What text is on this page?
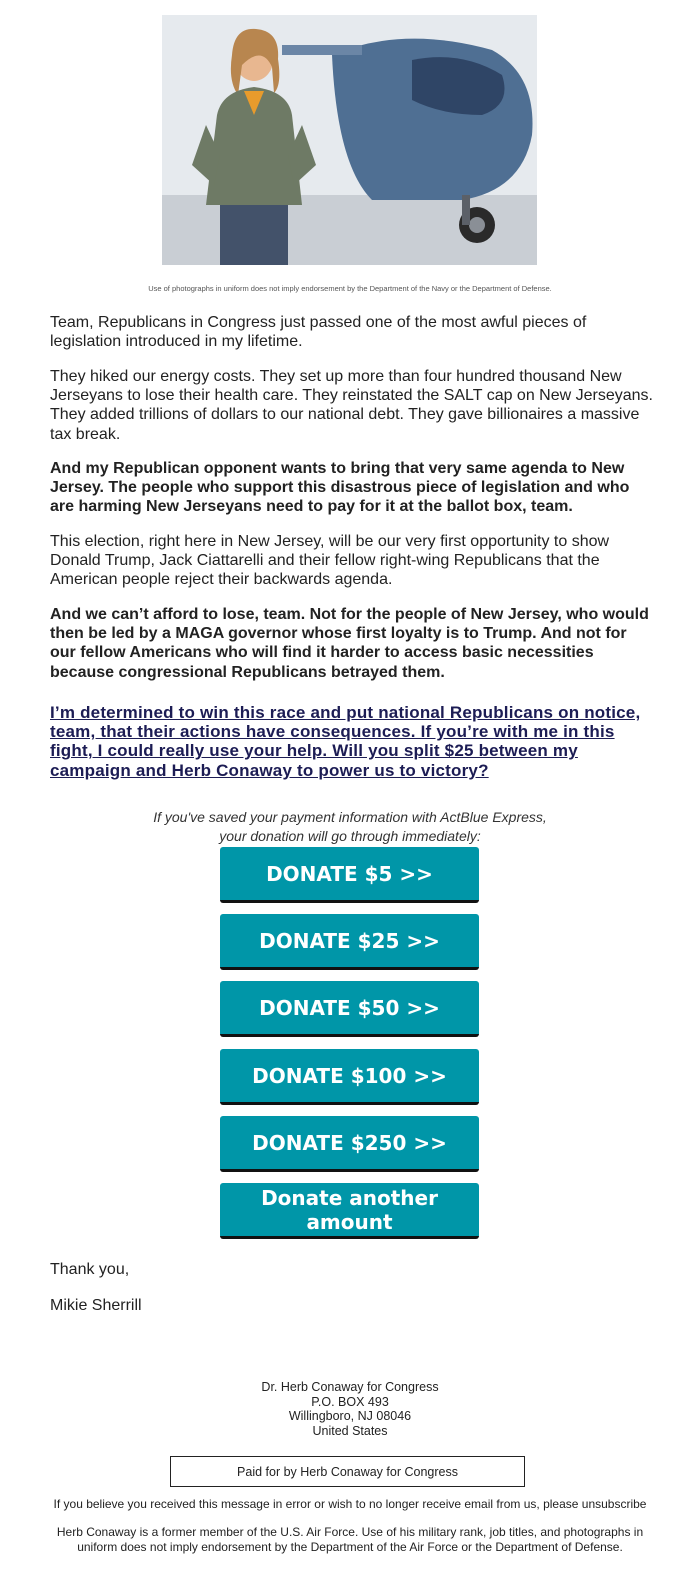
Use of photographs in uniform does not imply endorsement by the Department of the Navy or the Department of Defense.

Team, Republicans in Congress just passed one of the most awful pieces of legislation introduced in my lifetime.

They hiked our energy costs. They set up more than four hundred thousand New Jerseyans to lose their health care. They reinstated the SALT cap on New Jerseyans. They added trillions of dollars to our national debt. They gave billionaires a massive tax break.

And my Republican opponent wants to bring that very same agenda to New Jersey. The people who support this disastrous piece of legislation and who are harming New Jerseyans need to pay for it at the ballot box, team.

This election, right here in New Jersey, will be our very first opportunity to show Donald Trump, Jack Ciattarelli and their fellow right-wing Republicans that the American people reject their backwards agenda.

And we can’t afford to lose, team. Not for the people of New Jersey, who would then be led by a MAGA governor whose first loyalty is to Trump. And not for our fellow Americans who will find it harder to access basic necessities because congressional Republicans betrayed them.

I’m determined to win this race and put national Republicans on notice, team, that their actions have consequences. If you’re with me in this fight, I could really use your help. Will you split $25 between my campaign and Herb Conaway to power us to victory?
If you've saved your payment information with ActBlue Express,
your donation will go through immediately:
DONATE $5 >>
DONATE $25 >>
DONATE $50 >>
DONATE $100 >>
DONATE $250 >>
Donate another amount

Thank you,

Mikie Sherrill

Dr. Herb Conaway for Congress
P.O. BOX 493
Willingboro, NJ 08046
United States
Paid for by Herb Conaway for Congress

If you believe you received this message in error or wish to no longer receive email from us, please unsubscribe

Herb Conaway is a former member of the U.S. Air Force. Use of his military rank, job titles, and photographs in uniform does not imply endorsement by the Department of the Air Force or the Department of Defense.
